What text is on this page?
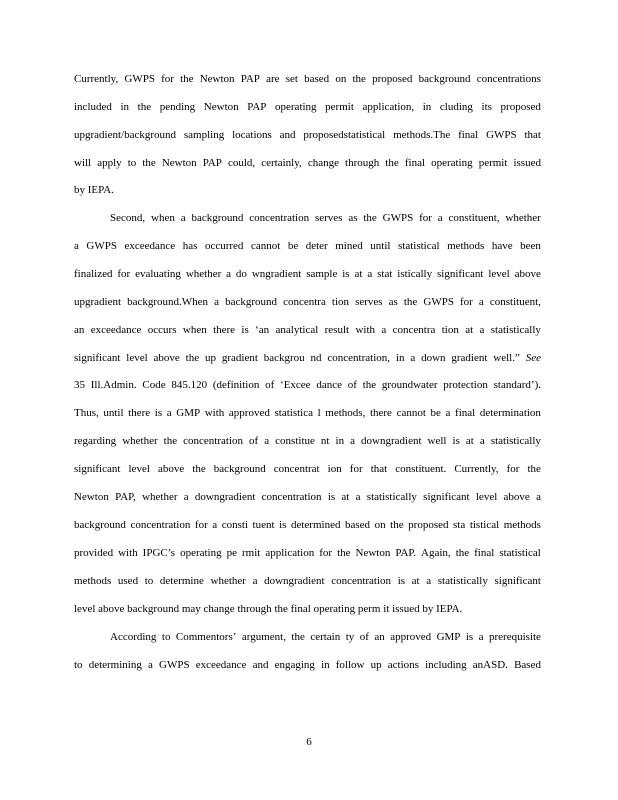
Currently, GWPS for the Newton PAP are set based on the proposed background concentrations
included in the pending Newton PAP operating permit application, in cluding its proposed
upgradient/background sampling locations and proposedstatistical methods.The final GWPS that
will apply to the Newton PAP could, certainly, change through the final operating permit issued
by
IEPA.

Second, when a background concentration serves as the GWPS for a constituent, whether
a GWPS exceedance has occurred cannot be deter mined until statistical methods have been
finalized for evaluating whether a do wngradient sample is at a stat istically significant level above
upgradient background.When a background concentra tion serves as the GWPS for a constituent,
an exceedance occurs when there is ‘an analytical result with a concentra tion at a statistically
significant level above the up gradient backgrou nd concentration, in a down gradient well.” See
35 Ill.Admin. Code 845.120 (definition of ‘Excee dance of the groundwater protection standard’).
Thus, until there is a GMP with approved statistica l methods, there cannot be a final determination
regarding whether the concentration of a constitue nt in a downgradient well is at a statistically
significant level above the background concentrat ion for that constituent. Currently, for the
Newton PAP, whether a downgradient concentration is at a statistically significant level above a
background concentration for a consti tuent is determined based on the proposed sta tistical methods
provided with IPGC’s operating pe rmit application for the Newton PAP. Again, the final statistical
methods used to determine whether a downgradient concentration is at a statistically significant
level
above
background
may
change
through
the
final
operating
perm
it
issued
by
IEPA.

According to Commentors’ argument, the certain ty of an approved GMP is a prerequisite
to determining a GWPS exceedance and engaging in follow up actions including anASD. Based
6
